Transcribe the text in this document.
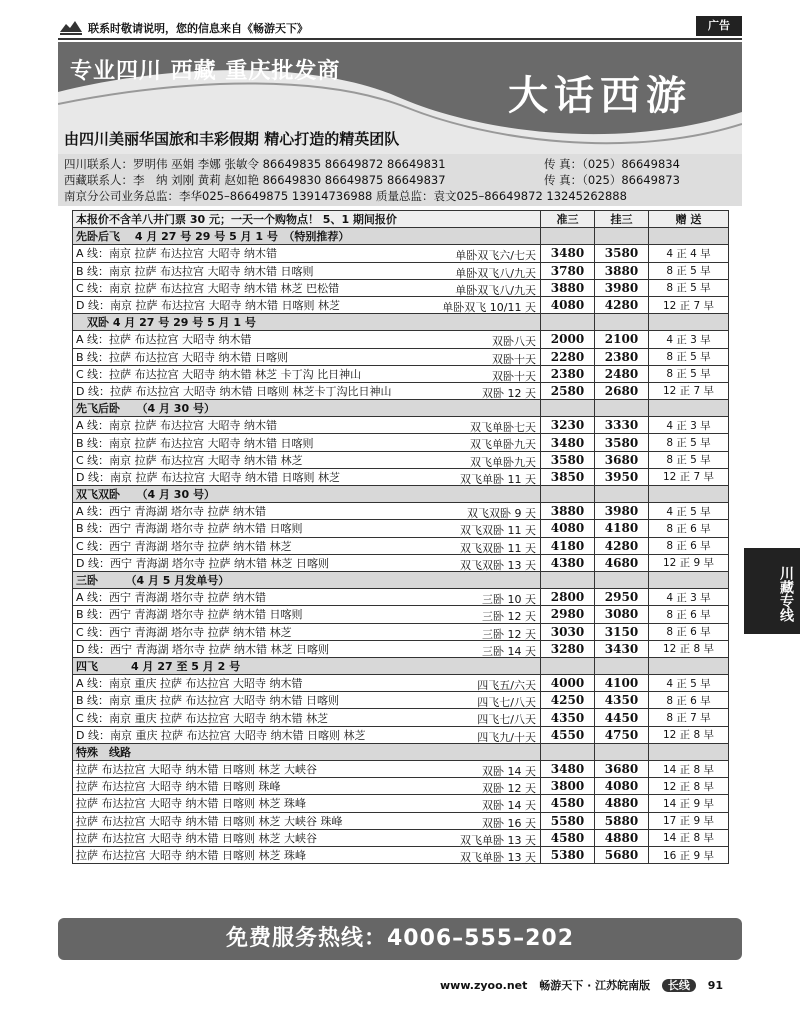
联系时敬请说明，您的信息来自《畅游天下》	广告
专业四川 西藏 重庆批发商
大话西游
由四川美丽华国旅和丰彩假期 精心打造的精英团队
四川联系人：罗明伟 巫娟 李娜 张敏令 86649835 86649872 86649831	传 真：（025）86649834
西藏联系人：李　纳 刘刚 黄莉 赵如艳 86649830 86649875 86649837	传 真：（025）86649873
南京分公司业务总监：李华025–86649875 13914736988 质量总监：袁文025–86649872 13245262888
本报价不含羊八井门票 30 元；一天一个购物点！ 5、1 期间报价	准三	挂三	赠 送
先卧后飞　 4 月 27 号 29 号 5 月 1 号　（特别推荐）			
A 线：南京 拉萨 布达拉宫 大昭寺 纳木错 单卧双飞六/七天	3480	3580	4 正 4 早
B 线：南京 拉萨 布达拉宫 大昭寺 纳木错 日喀则 单卧双飞八/九天	3780	3880	8 正 5 早
C 线：南京 拉萨 布达拉宫 大昭寺 纳木错 林芝 巴松错 单卧双飞八/九天	3880	3980	8 正 5 早
D 线：南京 拉萨 布达拉宫 大昭寺 纳木错 日喀则 林芝 单卧双飞 10/11 天	4080	4280	12 正 7 早
　双卧 4 月 27 号 29 号 5 月 1 号			
A 线：拉萨 布达拉宫 大昭寺 纳木错 双卧八天	2000	2100	4 正 3 早
B 线：拉萨 布达拉宫 大昭寺 纳木错 日喀则 双卧十天	2280	2380	8 正 5 早
C 线：拉萨 布达拉宫 大昭寺 纳木错 林芝 卡丁沟 比日神山 双卧十天	2380	2480	8 正 5 早
D 线：拉萨 布达拉宫 大昭寺 纳木错 日喀则 林芝卡丁沟比日神山 双卧 12 天	2580	2680	12 正 7 早
先飞后卧　　（4 月 30 号）			
A 线：南京 拉萨 布达拉宫 大昭寺 纳木错 双飞单卧七天	3230	3330	4 正 3 早
B 线：南京 拉萨 布达拉宫 大昭寺 纳木错 日喀则 双飞单卧九天	3480	3580	8 正 5 早
C 线：南京 拉萨 布达拉宫 大昭寺 纳木错 林芝 双飞单卧九天	3580	3680	8 正 5 早
D 线：南京 拉萨 布达拉宫 大昭寺 纳木错 日喀则 林芝 双飞单卧 11 天	3850	3950	12 正 7 早
双飞双卧　　（4 月 30 号）			
A 线：西宁 青海湖 塔尔寺 拉萨 纳木错 双飞双卧 9 天	3880	3980	4 正 5 早
B 线：西宁 青海湖 塔尔寺 拉萨 纳木错 日喀则 双飞双卧 11 天	4080	4180	8 正 6 早
C 线：西宁 青海湖 塔尔寺 拉萨 纳木错 林芝 双飞双卧 11 天	4180	4280	8 正 6 早
D 线：西宁 青海湖 塔尔寺 拉萨 纳木错 林芝 日喀则 双飞双卧 13 天	4380	4680	12 正 9 早
三卧　　　（4 月 5 月发单号）			
A 线：西宁 青海湖 塔尔寺 拉萨 纳木错 三卧 10 天	2800	2950	4 正 3 早
B 线：西宁 青海湖 塔尔寺 拉萨 纳木错 日喀则 三卧 12 天	2980	3080	8 正 6 早
C 线：西宁 青海湖 塔尔寺 拉萨 纳木错 林芝 三卧 12 天	3030	3150	8 正 6 早
D 线：西宁 青海湖 塔尔寺 拉萨 纳木错 林芝 日喀则 三卧 14 天	3280	3430	12 正 8 早
四飞　　　4 月 27 至 5 月 2 号			
A 线：南京 重庆 拉萨 布达拉宫 大昭寺 纳木错 四飞五/六天	4000	4100	4 正 5 早
B 线：南京 重庆 拉萨 布达拉宫 大昭寺 纳木错 日喀则 四飞七/八天	4250	4350	8 正 6 早
C 线：南京 重庆 拉萨 布达拉宫 大昭寺 纳木错 林芝 四飞七/八天	4350	4450	8 正 7 早
D 线：南京 重庆 拉萨 布达拉宫 大昭寺 纳木错 日喀则 林芝 四飞九/十天	4550	4750	12 正 8 早
特殊　线路			
拉萨 布达拉宫 大昭寺 纳木错 日喀则 林芝 大峡谷 双卧 14 天	3480	3680	14 正 8 早
拉萨 布达拉宫 大昭寺 纳木错 日喀则 珠峰 双卧 12 天	3800	4080	12 正 8 早
拉萨 布达拉宫 大昭寺 纳木错 日喀则 林芝 珠峰 双卧 14 天	4580	4880	14 正 9 早
拉萨 布达拉宫 大昭寺 纳木错 日喀则 林芝 大峡谷 珠峰 双卧 16 天	5580	5880	17 正 9 早
拉萨 布达拉宫 大昭寺 纳木错 日喀则 林芝 大峡谷 双飞单卧 13 天	4580	4880	14 正 8 早
拉萨 布达拉宫 大昭寺 纳木错 日喀则 林芝 珠峰 双飞单卧 13 天	5380	5680	16 正 9 早
免费服务热线：4006–555–202
川藏专线
www.zyoo.net 畅游天下 · 江苏皖南版 长线 91
